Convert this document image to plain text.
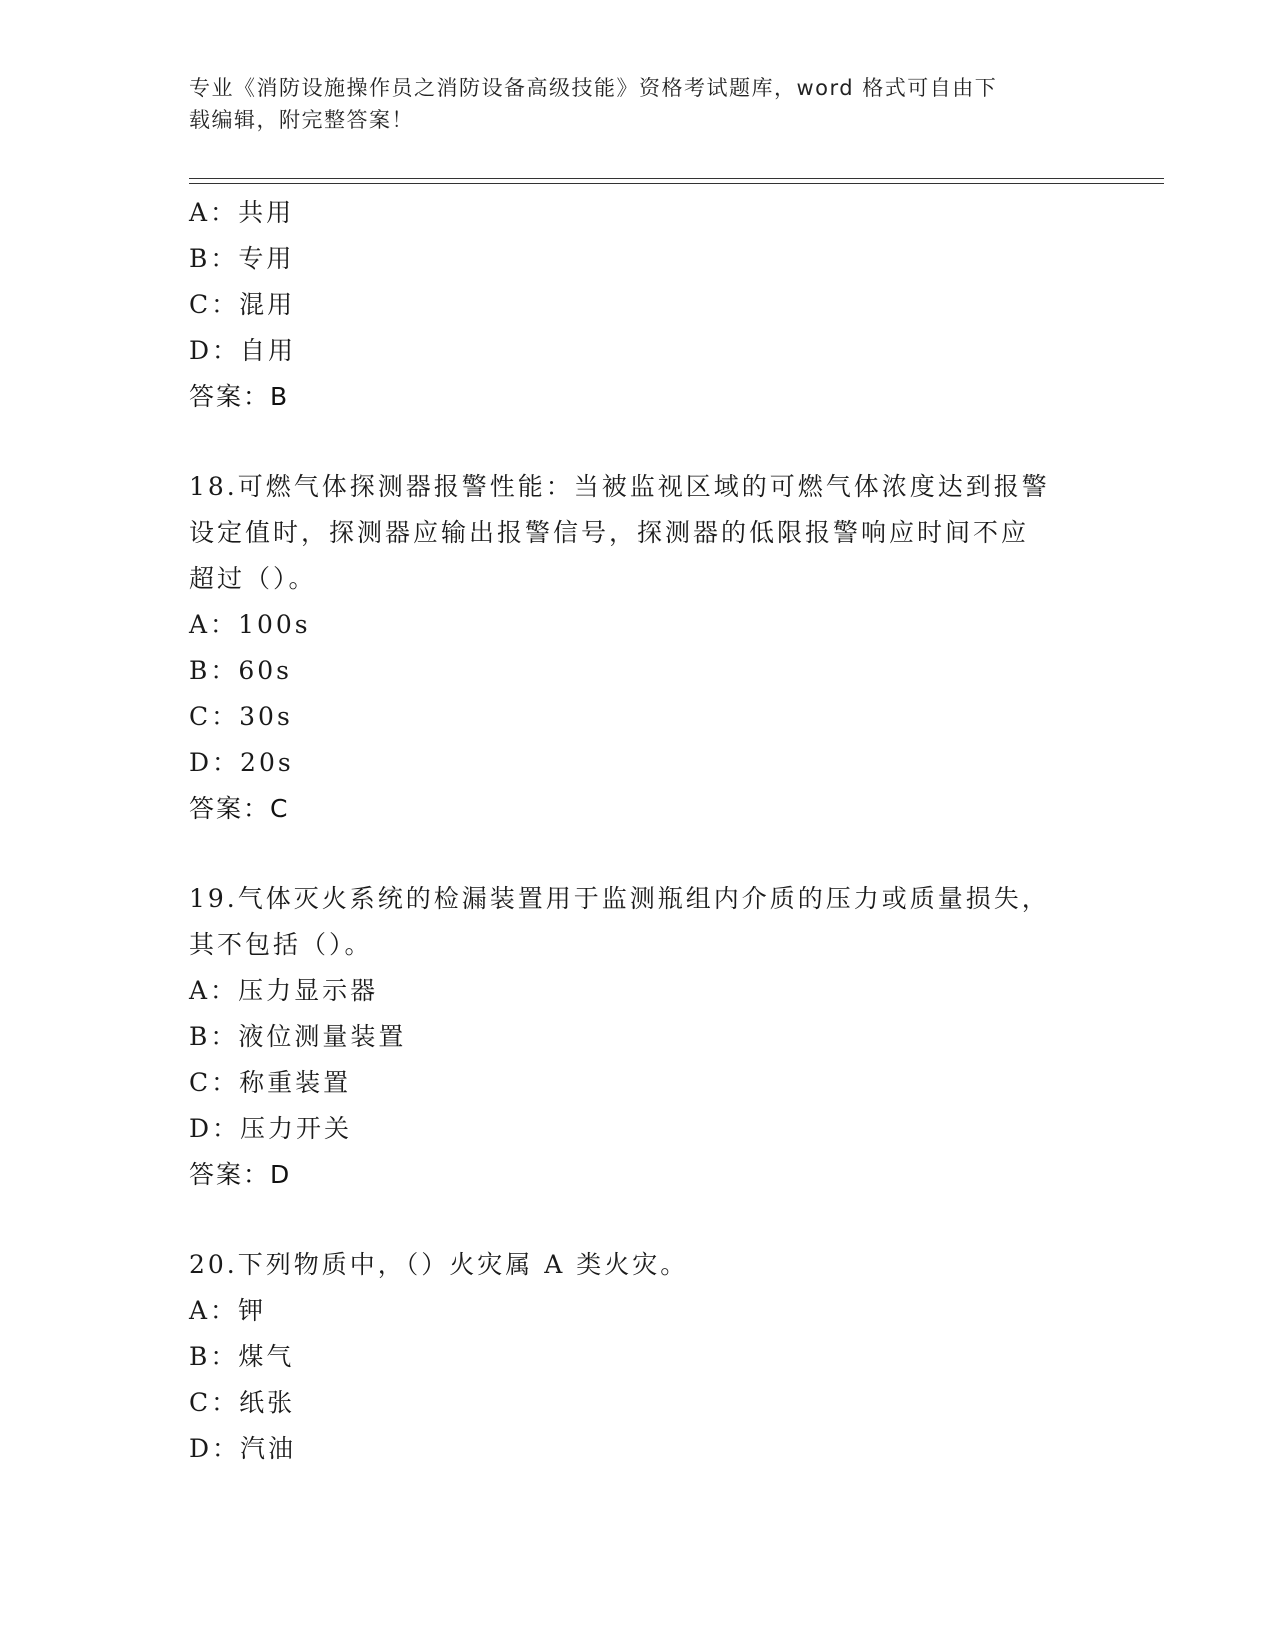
专业《消防设施操作员之消防设备高级技能》资格考试题库，word 格式可自由下
载编辑，附完整答案！
A：共用
B：专用
C：混用
D：自用
答案：B
18.可燃气体探测器报警性能：当被监视区域的可燃气体浓度达到报警
设定值时，探测器应输出报警信号，探测器的低限报警响应时间不应
超过（）。
A：100s
B：60s
C：30s
D：20s
答案：C
19.气体灭火系统的检漏装置用于监测瓶组内介质的压力或质量损失，
其不包括（）。
A：压力显示器
B：液位测量装置
C：称重装置
D：压力开关
答案：D
20.下列物质中，（）火灾属 A 类火灾。
A：钾
B：煤气
C：纸张
D：汽油
